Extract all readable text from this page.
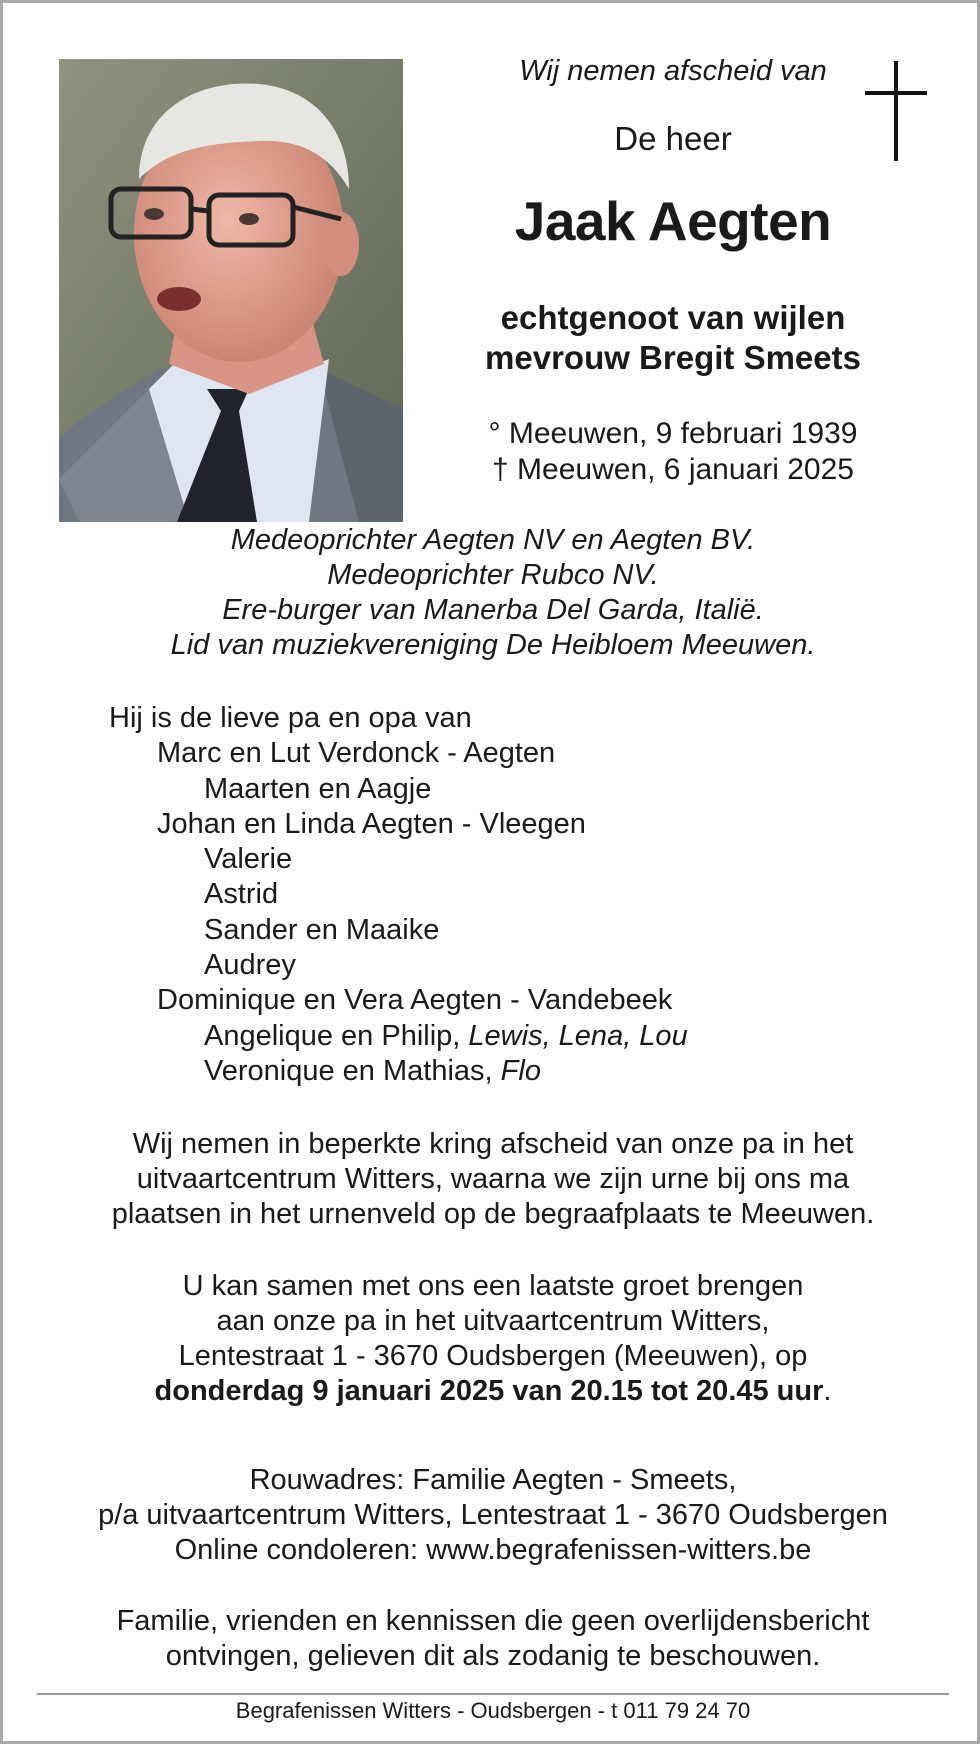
Wij nemen afscheid van
De heer
Jaak Aegten
echtgenoot van wijlen
mevrouw Bregit Smeets
° Meeuwen, 9 februari 1939
† Meeuwen, 6 januari 2025
Medeoprichter Aegten NV en Aegten BV.
Medeoprichter Rubco NV.
Ere-burger van Manerba Del Garda, Italië.
Lid van muziekvereniging De Heibloem Meeuwen.
Hij is de lieve pa en opa van
Marc en Lut Verdonck - Aegten
Maarten en Aagje
Johan en Linda Aegten - Vleegen
Valerie
Astrid
Sander en Maaike
Audrey
Dominique en Vera Aegten - Vandebeek
Angelique en Philip, Lewis, Lena, Lou
Veronique en Mathias, Flo
Wij nemen in beperkte kring afscheid van onze pa in het
uitvaartcentrum Witters, waarna we zijn urne bij ons ma
plaatsen in het urnenveld op de begraafplaats te Meeuwen.
U kan samen met ons een laatste groet brengen
aan onze pa in het uitvaartcentrum Witters,
Lentestraat 1 - 3670 Oudsbergen (Meeuwen), op
donderdag 9 januari 2025 van 20.15 tot 20.45 uur.
Rouwadres: Familie Aegten - Smeets,
p/a uitvaartcentrum Witters, Lentestraat 1 - 3670 Oudsbergen
Online condoleren: www.begrafenissen-witters.be
Familie, vrienden en kennissen die geen overlijdensbericht
ontvingen, gelieven dit als zodanig te beschouwen.
Begrafenissen Witters - Oudsbergen - t 011 79 24 70
